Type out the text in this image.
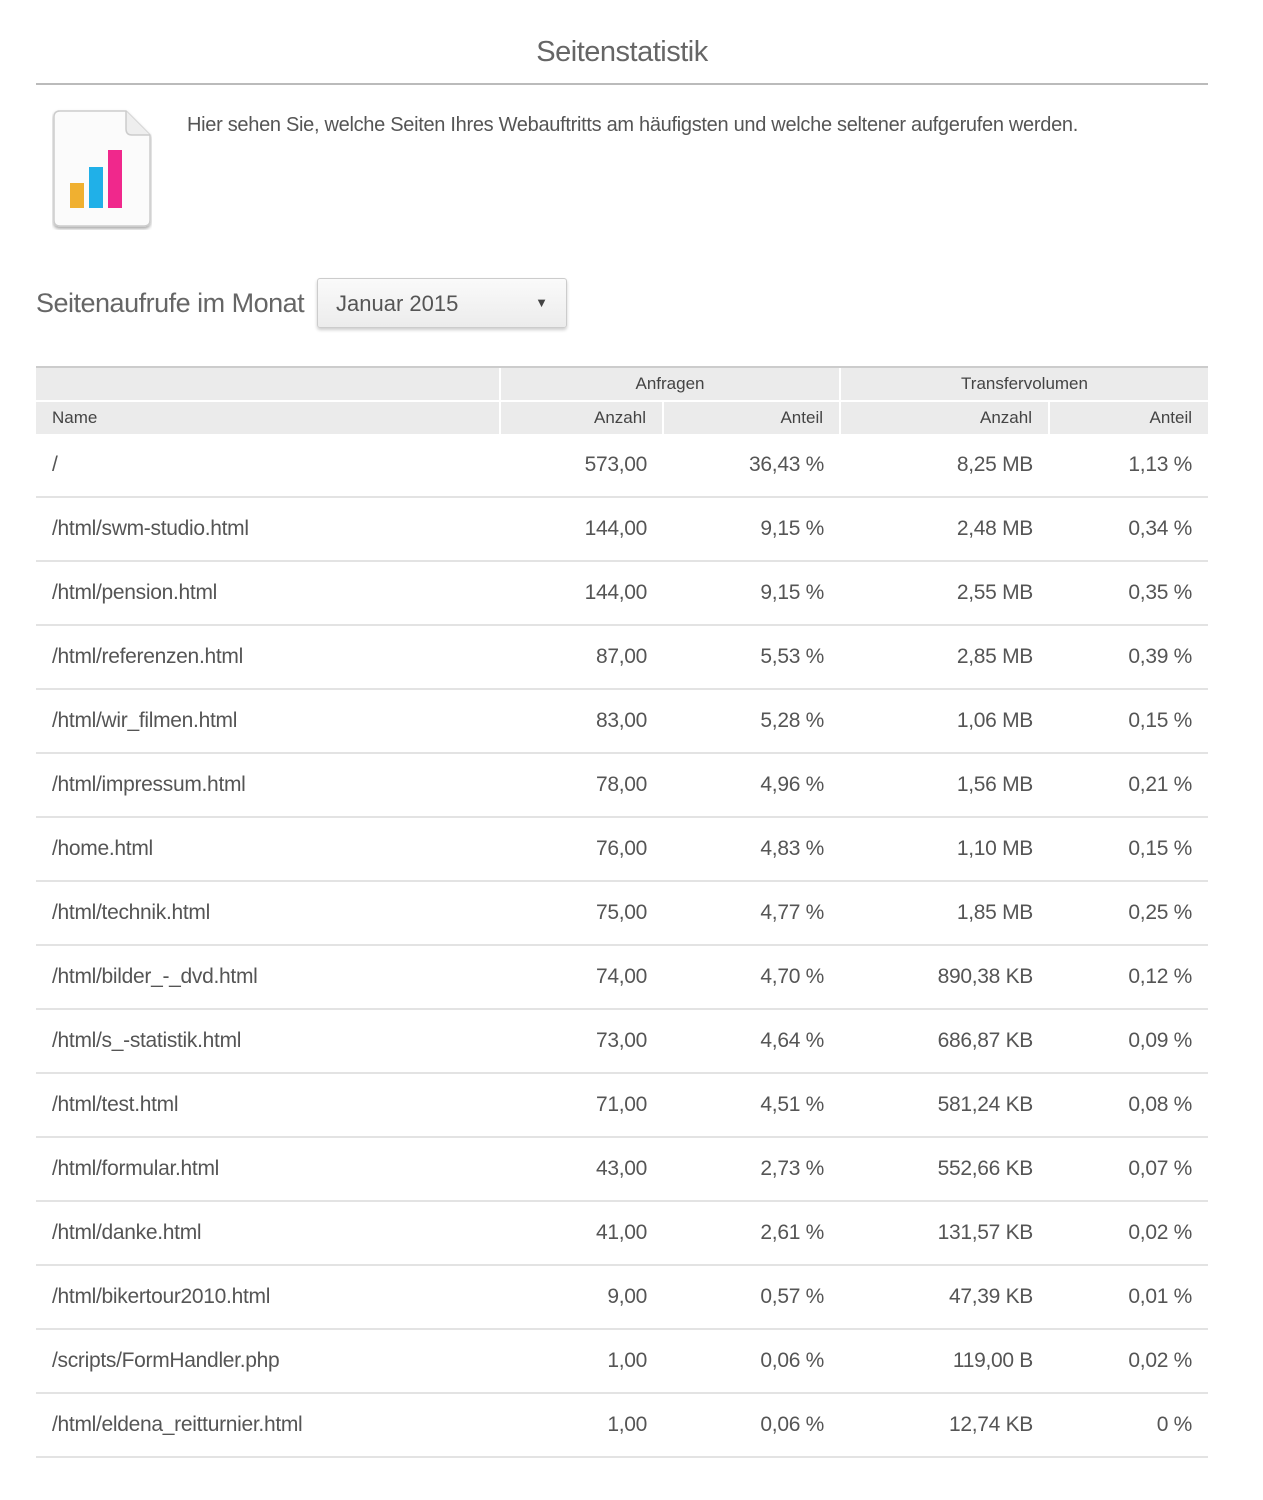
Seitenstatistik
Hier sehen Sie, welche Seiten Ihres Webauftritts am häufigsten und welche seltener aufgerufen werden.
Seitenaufrufe im Monat Januar 2015	▼
	Anfragen		Transfervolumen	
Name	Anzahl	Anteil	Anzahl	Anteil
/	573,00	36,43 %	8,25 MB	1,13 %
/html/swm-studio.html	144,00	9,15 %	2,48 MB	0,34 %
/html/pension.html	144,00	9,15 %	2,55 MB	0,35 %
/html/referenzen.html	87,00	5,53 %	2,85 MB	0,39 %
/html/wir_filmen.html	83,00	5,28 %	1,06 MB	0,15 %
/html/impressum.html	78,00	4,96 %	1,56 MB	0,21 %
/home.html	76,00	4,83 %	1,10 MB	0,15 %
/html/technik.html	75,00	4,77 %	1,85 MB	0,25 %
/html/bilder_-_dvd.html	74,00	4,70 %	890,38 KB	0,12 %
/html/s_-statistik.html	73,00	4,64 %	686,87 KB	0,09 %
/html/test.html	71,00	4,51 %	581,24 KB	0,08 %
/html/formular.html	43,00	2,73 %	552,66 KB	0,07 %
/html/danke.html	41,00	2,61 %	131,57 KB	0,02 %
/html/bikertour2010.html	9,00	0,57 %	47,39 KB	0,01 %
/scripts/FormHandler.php	1,00	0,06 %	119,00 B	0,02 %
/html/eldena_reitturnier.html	1,00	0,06 %	12,74 KB	0 %
